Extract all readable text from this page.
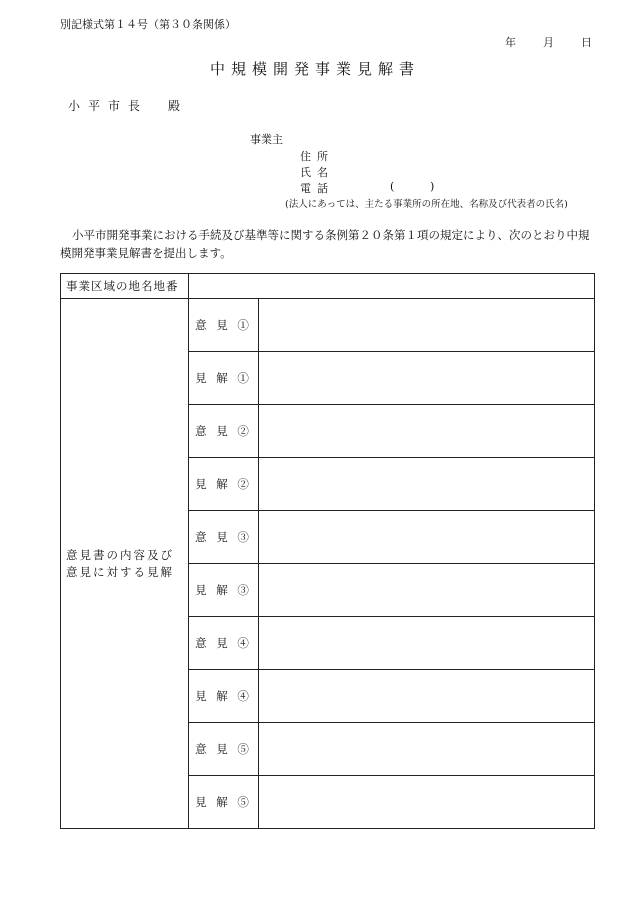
別記様式第１４号（第３０条関係）
年 月 日
中規模開発事業見解書
小平市長　殿
事業主
住所
氏名
電話	(	)
(法人にあっては、主たる事業所の所在地、名称及び代表者の氏名)
小平市開発事業における手続及び基準等に関する条例第２０条第１項の規定により、次のとおり中規模開発事業見解書を提出します。
事業区域の地名地番		

意見書の内容及び
意見に対する見解	意 見 ①	
	見 解 ①	
	意 見 ②	
	見 解 ②	
	意 見 ③	
	見 解 ③	
	意 見 ④	
	見 解 ④	
	意 見 ⑤	
	見 解 ⑤	
